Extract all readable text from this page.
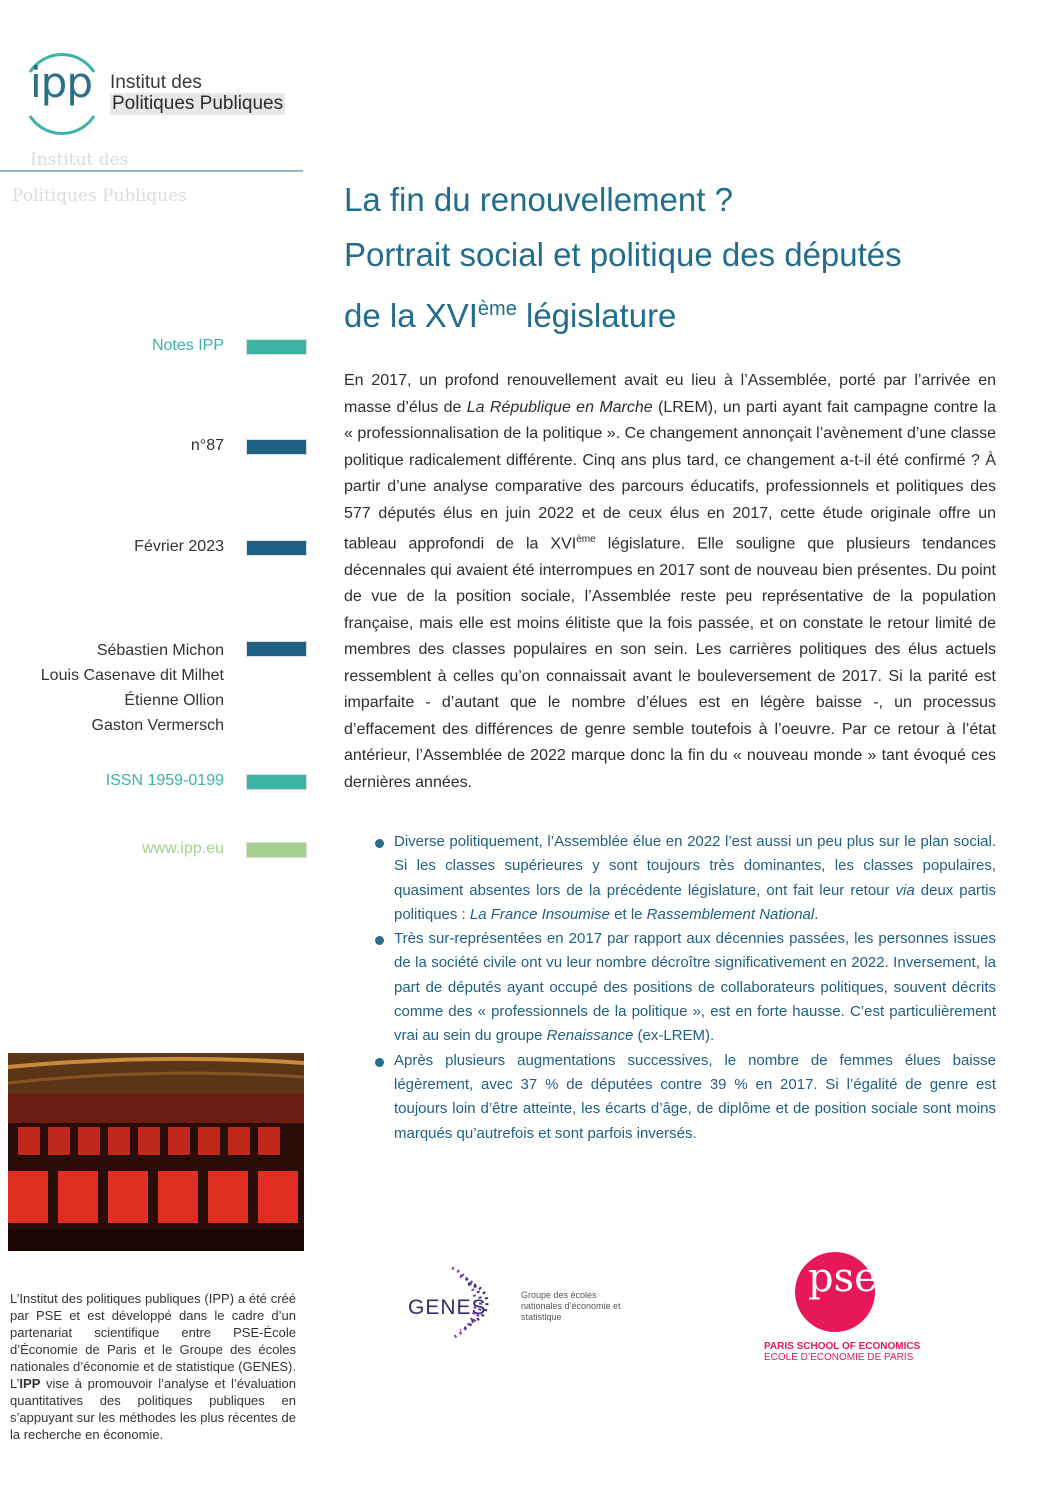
ipp Institut des
Politiques Publiques
Institut des
Politiques Publiques
Notes IPP
n°87
Février 2023
Sébastien Michon
Louis Casenave dit Milhet
Étienne Ollion
Gaston Vermersch
ISSN 1959-0199
www.ipp.eu
La fin du renouvellement ?
Portrait social et politique des députés
de la XVIème législature
En 2017, un profond renouvellement avait eu lieu à l’Assemblée, porté par l’arrivée en masse d’élus de La République en Marche (LREM), un parti ayant fait campagne contre la « professionnalisation de la politique ». Ce changement annonçait l’avènement d’une classe politique radicalement différente. Cinq ans plus tard, ce changement a-t-il été confirmé ? À partir d’une analyse comparative des parcours éducatifs, professionnels et politiques des 577 députés élus en juin 2022 et de ceux élus en 2017, cette étude originale offre un tableau approfondi de la XVIème législature. Elle souligne que plusieurs tendances décennales qui avaient été interrompues en 2017 sont de nouveau bien présentes. Du point de vue de la position sociale, l’Assemblée reste peu représentative de la population française, mais elle est moins élitiste que la fois passée, et on constate le retour limité de membres des classes populaires en son sein. Les carrières politiques des élus actuels ressemblent à celles qu’on connaissait avant le bouleversement de 2017. Si la parité est imparfaite - d’autant que le nombre d’élues est en légère baisse -, un processus d’effacement des différences de genre semble toutefois à l’oeuvre. Par ce retour à l’état antérieur, l’Assemblée de 2022 marque donc la fin du « nouveau monde » tant évoqué ces dernières années.
Diverse politiquement, l’Assemblée élue en 2022 l’est aussi un peu plus sur le plan social. Si les classes supérieures y sont toujours très dominantes, les classes populaires, quasiment absentes lors de la précédente législature, ont fait leur retour via deux partis politiques : La France Insoumise et le Rassemblement National.
Très sur-représentées en 2017 par rapport aux décennies passées, les personnes issues de la société civile ont vu leur nombre décroître significativement en 2022. Inversement, la part de députés ayant occupé des positions de collaborateurs politiques, souvent décrits comme des « professionnels de la politique », est en forte hausse. C’est particulièrement vrai au sein du groupe Renaissance (ex-LREM).
Après plusieurs augmentations successives, le nombre de femmes élues baisse légèrement, avec 37 % de députées contre 39 % en 2017. Si l’égalité de genre est toujours loin d’être atteinte, les écarts d’âge, de diplôme et de position sociale sont moins marqués qu’autrefois et sont parfois inversés.
L’Institut des politiques publiques (IPP) a été créé par PSE et est développé dans le cadre d’un partenariat scientifique entre PSE-École d’Économie de Paris et le Groupe des écoles nationales d’économie et de statistique (GENES). L’IPP vise à promouvoir l’analyse et l’évaluation quantitatives des politiques publiques en s’appuyant sur les méthodes les plus récentes de la recherche en économie.
GENES
Groupe des écoles nationales d’économie et statistique
pse
PARIS SCHOOL OF ECONOMICS
ECOLE D’ECONOMIE DE PARIS
